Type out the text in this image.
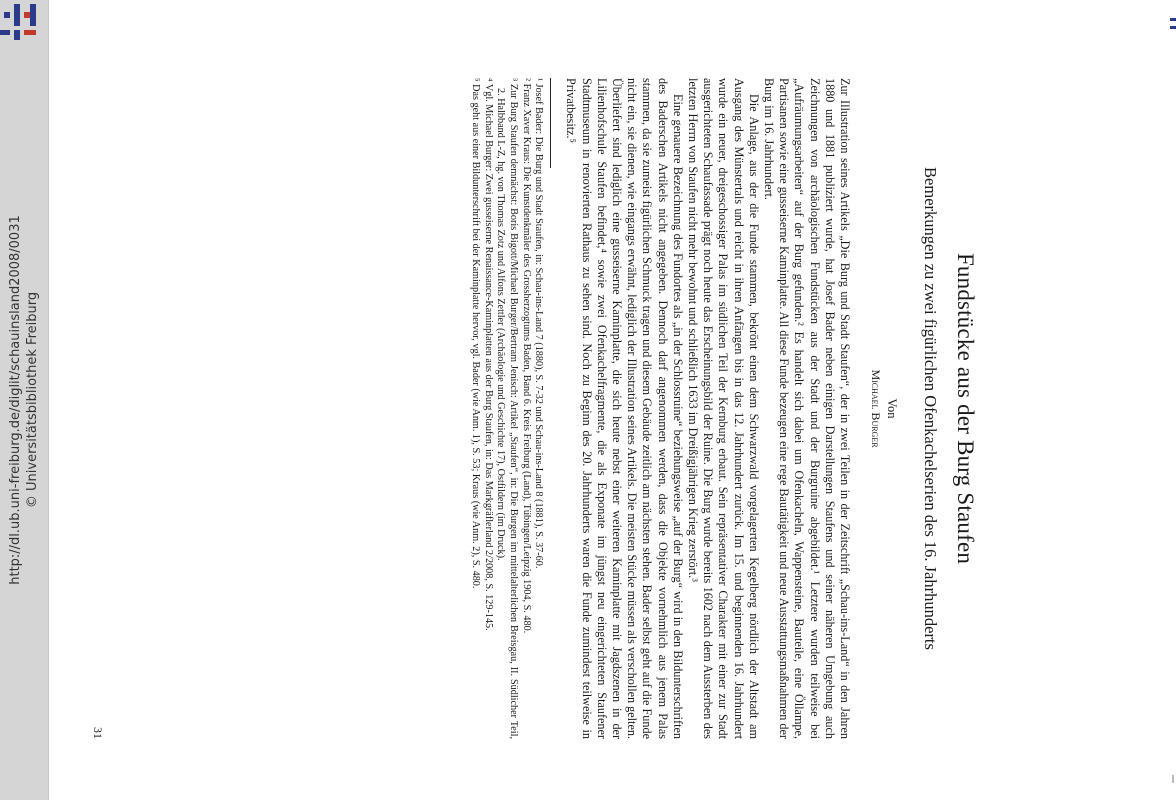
http://dl.ub.uni-freiburg.de/diglit/schauinsland2008/0031 © Universitätsbibliothek Freiburg	Fundstücke aus der Burg Staufen
Bemerkungen zu zwei figürlichen Ofenkachelserien des 16. Jahrhunderts
Von
Michael Burger

Zur Illustration seines Artikels „Die Burg und Stadt Staufen“, der in zwei Teilen in der Zeitschrift „Schau-ins-Land“ in den Jahren 1880 und 1881 publiziert wurde, hat Josef Bader neben einigen Darstellungen Staufens und seiner näheren Umgebung auch Zeichnungen von archäologischen Fundstücken aus der Stadt und der Burgruine abgebildet.¹ Letztere wurden teilweise bei „Aufräumungsarbeiten“ auf der Burg gefunden.² Es handelt sich dabei um Ofenkacheln, Wappensteine, Bauteile, eine Öllampe, Partisanen sowie eine gusseiserne Kaminplatte. All diese Funde bezeugen eine rege Bautätigkeit und neue Ausstattungsmaßnahmen der Burg im 16. Jahrhundert.

Die Anlage, aus der die Funde stammen, bekrönt einen dem Schwarzwald vorgelagerten Kegelberg nördlich der Altstadt am Ausgang des Münstertals und reicht in ihren Anfängen bis in das 12. Jahrhundert zurück. Im 15. und beginnenden 16. Jahrhundert wurde ein neuer, dreigeschossiger Palas im südlichen Teil der Kernburg erbaut. Sein repräsentativer Charakter mit einer zur Stadt ausgerichteten Schaufassade prägt noch heute das Erscheinungsbild der Ruine. Die Burg wurde bereits 1602 nach dem Aussterben des letzten Herrn von Staufen nicht mehr bewohnt und schließlich 1633 im Dreißigjährigen Krieg zerstört.³

Eine genauere Bezeichnung des Fundortes als „in der Schlossruine“ beziehungsweise „auf der Burg“ wird in den Bildunterschriften des Baderschen Artikels nicht angegeben. Dennoch darf angenommen werden, dass die Objekte vornehmlich aus jenem Palas stammen, da sie zumeist figürlichen Schmuck tragen und diesem Gebäude zeitlich am nächsten stehen. Bader selbst geht auf die Funde nicht ein, sie dienen, wie eingangs erwähnt, lediglich der Illustration seines Artikels. Die meisten Stücke müssen als verschollen gelten. Überliefert sind lediglich eine gusseiserne Kaminplatte, die sich heute nebst einer weiteren Kaminplatte mit Jagdszenen in der Lilienhofschule Staufen befindet,⁴ sowie zwei Ofenkachelfragmente, die als Exponate im jüngst neu eingerichteten Staufener Stadtmuseum in renovierten Rathaus zu sehen sind. Noch zu Beginn des 20. Jahrhunderts waren die Funde zumindest teilweise in Privatbesitz.⁵

¹ Josef Bader: Die Burg und Stadt Staufen, in: Schau-ins-Land 7 (1880), S. 7-32 und Schau-ins-Land 8 (1881), S. 37-60.

² Franz Xaver Kraus: Die Kunstdenkmäler des Grossherzogtums Baden, Band 6. Kreis Freiburg (Land), Tübingen/Leipzig 1904, S. 480.

³ Zur Burg Staufen demnächst: Boris Bigott/Michael Burger/Bertram Jenisch: Artikel „Staufen“, in: Die Burgen im mittelalterlichen Breisgau, II. Südlicher Teil, 2. Halbband L-Z, hg. von Thomas Zotz und Alfons Zettler (Archäologie und Geschichte 17), Ostfildern (im Druck).

⁴ Vgl. Michael Burger: Zwei gusseiserne Renaissance-Kaminplatten aus der Burg Staufen, in: Das Markgräflerland 2/2008, S. 129-145.

⁵ Das geht aus einer Bildunterschrift bei der Kaminplatte hervor, vgl. Bader (wie Anm. 1), S. 53; Kraus (wie Anm. 2), S. 480.

31
